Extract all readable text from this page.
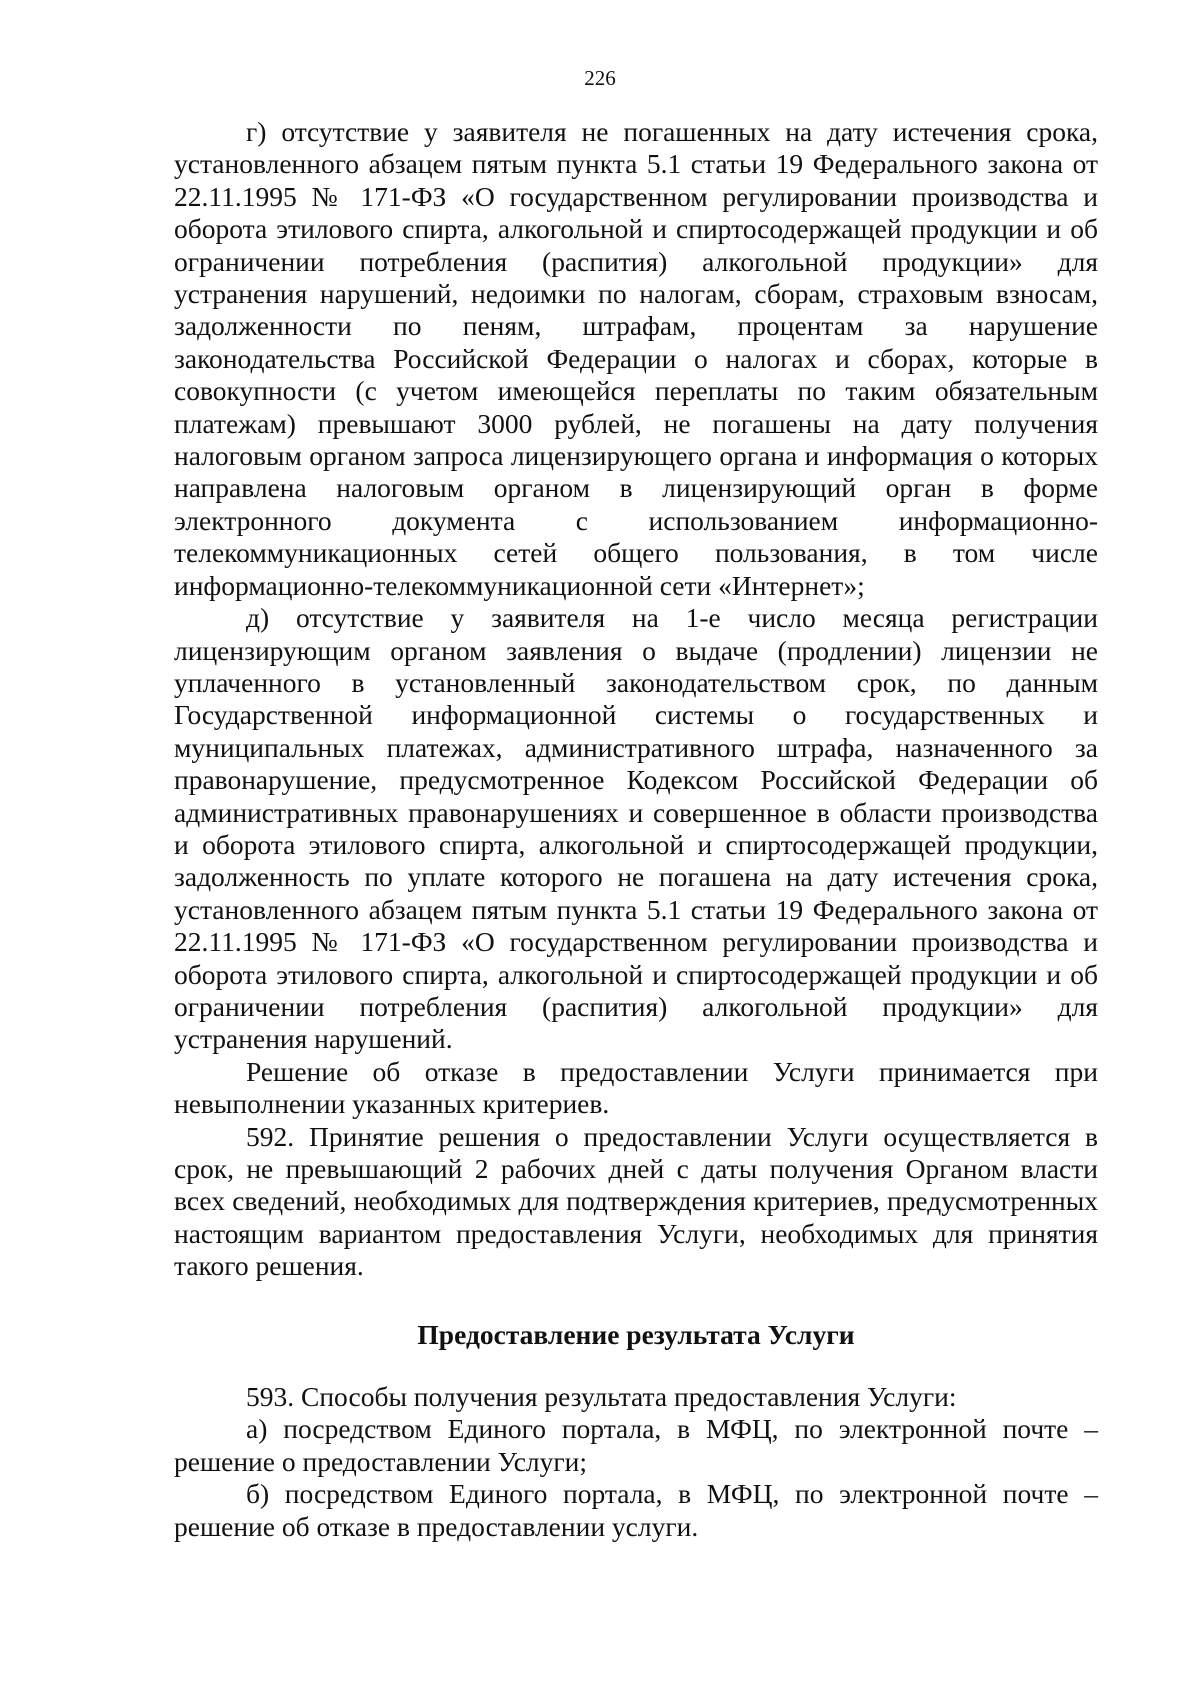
226

г) отсутствие у заявителя не погашенных на дату истечения срока, установленного абзацем пятым пункта 5.1 статьи 19 Федерального закона от 22.11.1995 № 171-ФЗ «О государственном регулировании производства и оборота этилового спирта, алкогольной и спиртосодержащей продукции и об ограничении потребления (распития) алкогольной продукции» для устранения нарушений, недоимки по налогам, сборам, страховым взносам, задолженности по пеням, штрафам, процентам за нарушение законодательства Российской Федерации о налогах и сборах, которые в совокупности (с учетом имеющейся переплаты по таким обязательным платежам) превышают 3000 рублей, не погашены на дату получения налоговым органом запроса лицензирующего органа и информация о которых направлена налоговым органом в лицензирующий орган в форме электронного документа с использованием информационно-телекоммуникационных сетей общего пользования, в том числе информационно-телекоммуникационной сети «Интернет»;

д) отсутствие у заявителя на 1-е число месяца регистрации лицензирующим органом заявления о выдаче (продлении) лицензии не уплаченного в установленный законодательством срок, по данным Государственной информационной системы о государственных и муниципальных платежах, административного штрафа, назначенного за правонарушение, предусмотренное Кодексом Российской Федерации об административных правонарушениях и совершенное в области производства и оборота этилового спирта, алкогольной и спиртосодержащей продукции, задолженность по уплате которого не погашена на дату истечения срока, установленного абзацем пятым пункта 5.1 статьи 19 Федерального закона от 22.11.1995 № 171-ФЗ «О государственном регулировании производства и оборота этилового спирта, алкогольной и спиртосодержащей продукции и об ограничении потребления (распития) алкогольной продукции» для устранения нарушений.

Решение об отказе в предоставлении Услуги принимается при невыполнении указанных критериев.

592. Принятие решения о предоставлении Услуги осуществляется в срок, не превышающий 2 рабочих дней с даты получения Органом власти всех сведений, необходимых для подтверждения критериев, предусмотренных настоящим вариантом предоставления Услуги, необходимых для принятия такого решения.

Предоставление результата Услуги

593. Способы получения результата предоставления Услуги:

а) посредством Единого портала, в МФЦ, по электронной почте – решение о предоставлении Услуги;

б) посредством Единого портала, в МФЦ, по электронной почте – решение об отказе в предоставлении услуги.
